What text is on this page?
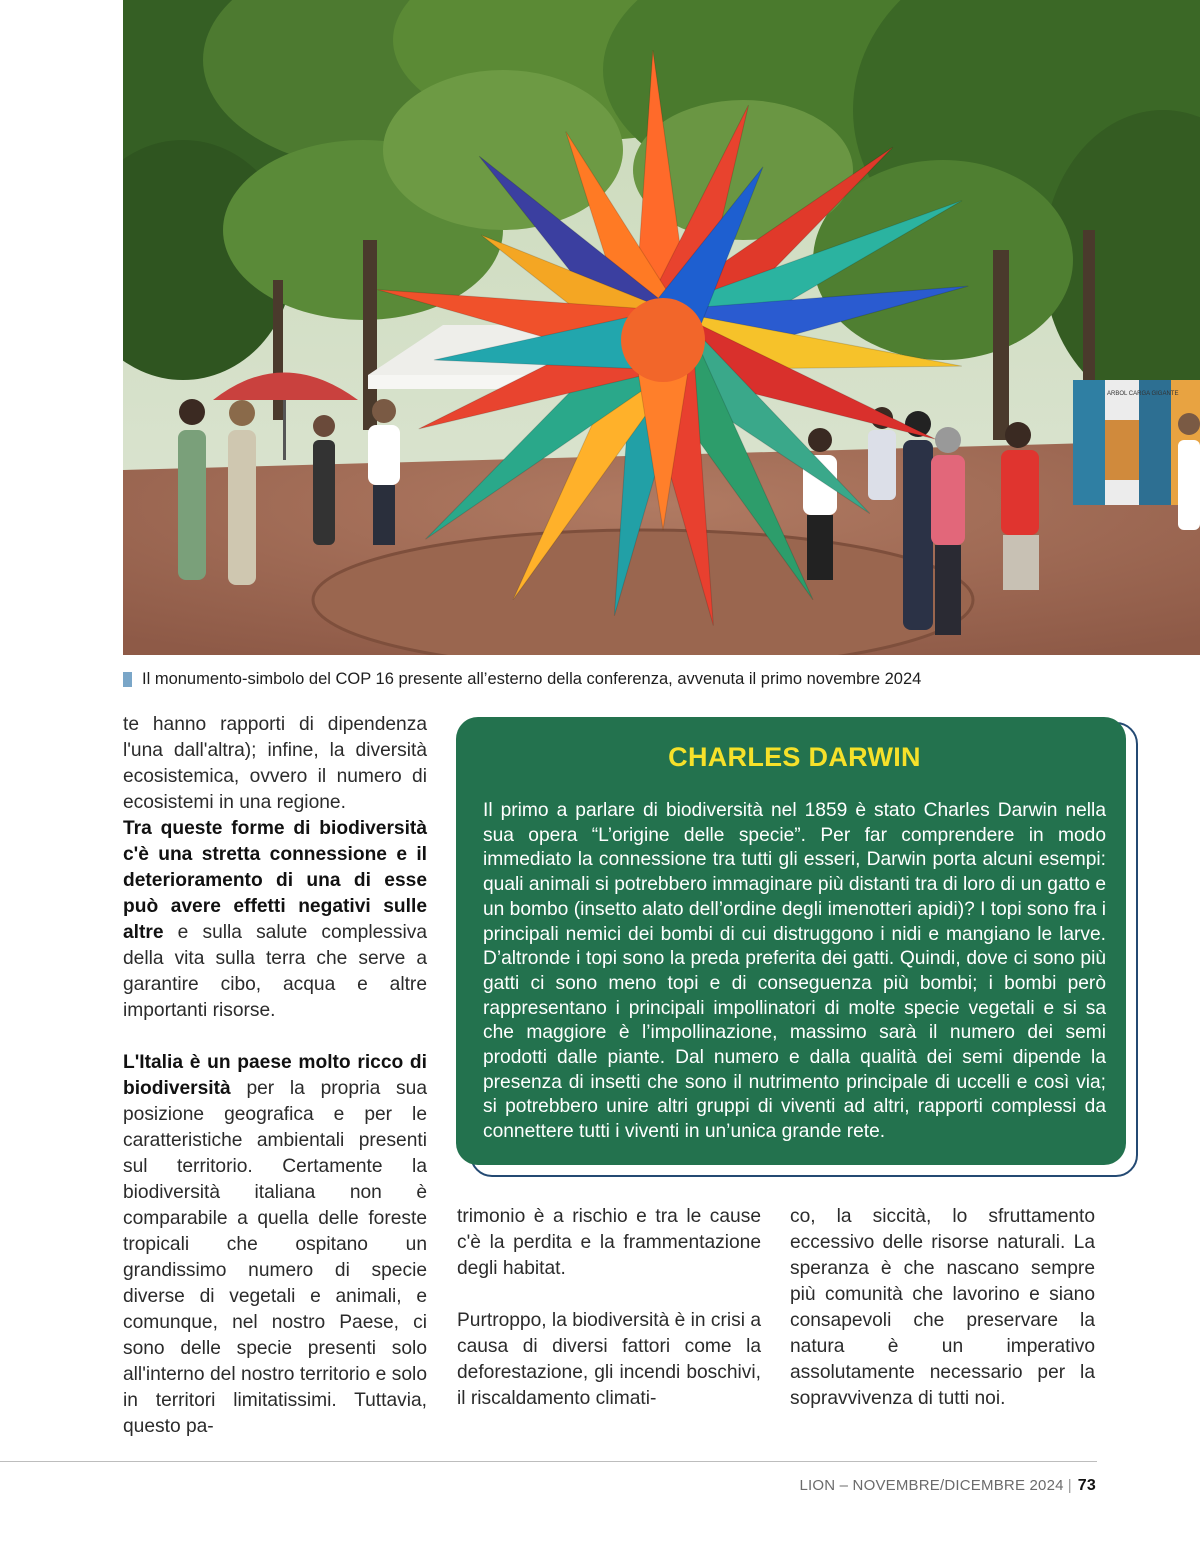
ARBOL CARGA GIGANTE
Il monumento-simbolo del COP 16 presente all’esterno della conferenza, avvenuta il primo novembre 2024

te hanno rapporti di dipendenza l'una dall'altra); infine, la diversità ecosistemica, ovvero il numero di ecosistemi in una regione.

Tra queste forme di biodiversità c'è una stretta connessione e il deterioramento di una di esse può avere effetti negativi sulle altre e sulla salute complessiva della vita sulla terra che serve a garantire cibo, acqua e altre importanti risorse.

L'Italia è un paese molto ricco di biodiversità per la propria sua posizione geografica e per le caratteristiche ambientali presenti sul territorio. Certamente la biodiversità italiana non è comparabile a quella delle foreste tropicali che ospitano un grandissimo numero di specie diverse di vegetali e animali, e comunque, nel nostro Paese, ci sono delle specie presenti solo all'interno del nostro territorio e solo in territori limitatissimi. Tuttavia, questo pa-

CHARLES DARWIN

Il primo a parlare di biodiversità nel 1859 è stato Charles Darwin nella sua opera “L’origine delle specie”. Per far comprendere in modo immediato la connessione tra tutti gli esseri, Darwin porta alcuni esempi: quali animali si potrebbero immaginare più distanti tra di loro di un gatto e un bombo (insetto alato dell’ordine degli imenotteri apidi)? I topi sono fra i principali nemici dei bombi di cui distruggono i nidi e mangiano le larve. D’altronde i topi sono la preda preferita dei gatti. Quindi, dove ci sono più gatti ci sono meno topi e di conseguenza più bombi; i bombi però rappresentano i principali impollinatori di molte specie vegetali e si sa che maggiore è l’impollinazione, massimo sarà il numero dei semi prodotti dalle piante. Dal numero e dalla qualità dei semi dipende la presenza di insetti che sono il nutrimento principale di uccelli e così via; si potrebbero unire altri gruppi di viventi ad altri, rapporti complessi da connettere tutti i viventi in un’unica grande rete.

trimonio è a rischio e tra le cause c'è la perdita e la frammentazione degli habitat.

Purtroppo, la biodiversità è in crisi a causa di diversi fattori come la deforestazione, gli incendi boschivi, il riscaldamento climati-

co, la siccità, lo sfruttamento eccessivo delle risorse naturali. La speranza è che nascano sempre più comunità che lavorino e siano consapevoli che preservare la natura è un imperativo assolutamente necessario per la sopravvivenza di tutti noi.

LION – NOVEMBRE/DICEMBRE 2024 | 73
